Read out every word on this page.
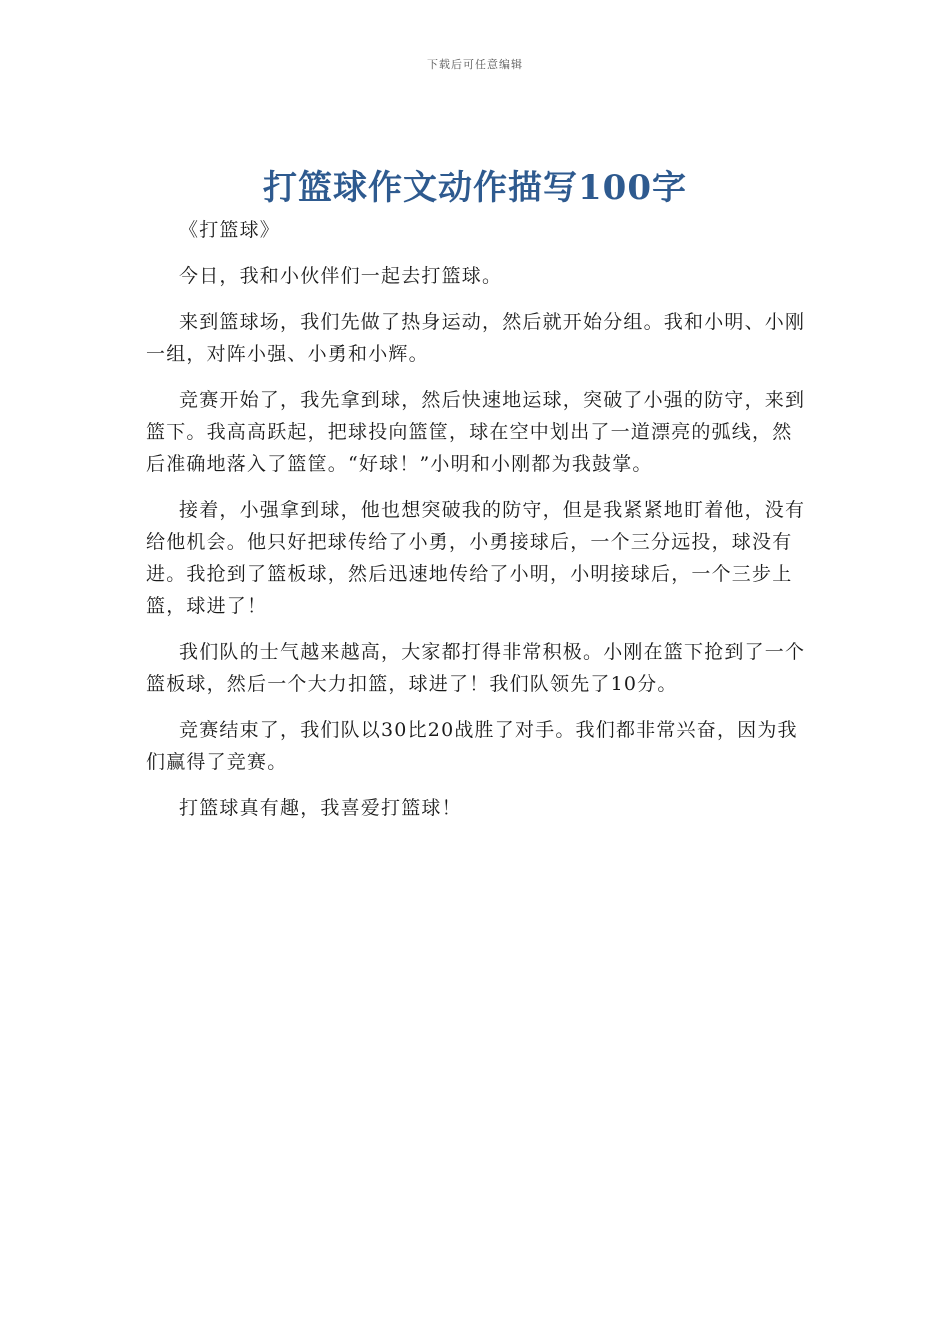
下载后可任意编辑
打篮球作文动作描写100字

《打篮球》

今日，我和小伙伴们一起去打篮球。

来到篮球场，我们先做了热身运动，然后就开始分组。我和小明、小刚一组，对阵小强、小勇和小辉。

竞赛开始了，我先拿到球，然后快速地运球，突破了小强的防守，来到篮下。我高高跃起，把球投向篮筐，球在空中划出了一道漂亮的弧线，然后准确地落入了篮筐。“好球！”小明和小刚都为我鼓掌。

接着，小强拿到球，他也想突破我的防守，但是我紧紧地盯着他，没有给他机会。他只好把球传给了小勇，小勇接球后，一个三分远投，球没有进。我抢到了篮板球，然后迅速地传给了小明，小明接球后，一个三步上篮，球进了！

我们队的士气越来越高，大家都打得非常积极。小刚在篮下抢到了一个篮板球，然后一个大力扣篮，球进了！我们队领先了10分。

竞赛结束了，我们队以30比20战胜了对手。我们都非常兴奋，因为我们赢得了竞赛。

打篮球真有趣，我喜爱打篮球！
